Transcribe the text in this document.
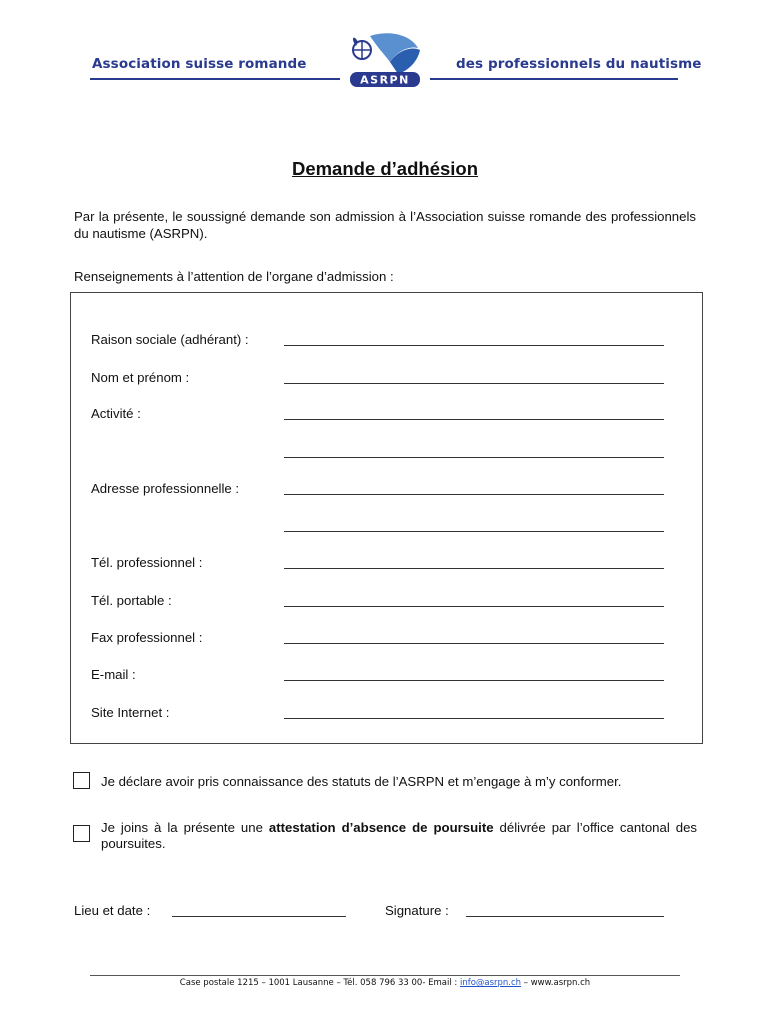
Association suisse romande
ASRPN
des professionnels du nautisme
Demande d’adhésion
Par la présente, le soussigné demande son admission à l’Association suisse romande des professionnels du nautisme (ASRPN).
Renseignements à l’attention de l’organe d’admission :
Raison sociale (adhérant) :
Nom et prénom :
Activité :
Adresse professionnelle :
Tél. professionnel :
Tél. portable :
Fax professionnel :
E-mail :
Site Internet :
Je déclare avoir pris connaissance des statuts de l’ASRPN et m’engage à m’y conformer.
Je joins à la présente une attestation d’absence de poursuite délivrée par l’office cantonal des poursuites.
Lieu et date :	Signature :
Case postale 1215 – 1001 Lausanne – Tél. 058 796 33 00- Email : info@asrpn.ch – www.asrpn.ch
